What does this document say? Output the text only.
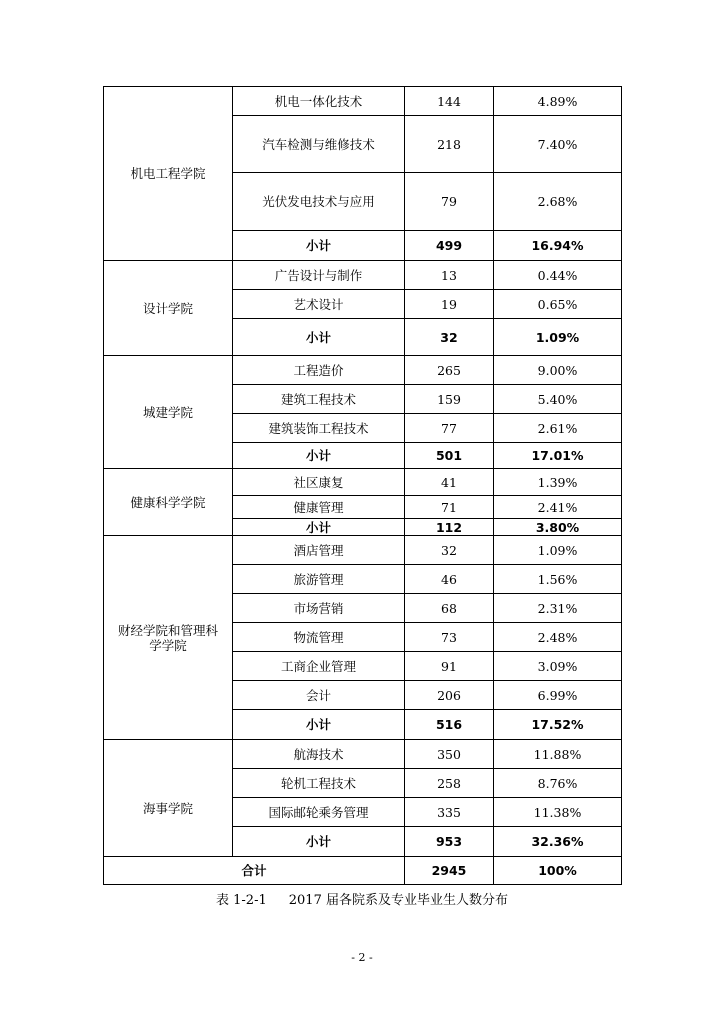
机电工程学院	机电一体化技术	144	4.89%
	汽车检测与维修技术	218	7.40%
	光伏发电技术与应用	79	2.68%
	小计	499	16.94%
设计学院	广告设计与制作	13	0.44%
	艺术设计	19	0.65%
	小计	32	1.09%
城建学院	工程造价	265	9.00%
	建筑工程技术	159	5.40%
	建筑装饰工程技术	77	2.61%
	小计	501	17.01%
健康科学学院	社区康复	41	1.39%
	健康管理	71	2.41%
	小计	112	3.80%
财经学院和管理科
学学院	酒店管理	32	1.09%
	旅游管理	46	1.56%
	市场营销	68	2.31%
	物流管理	73	2.48%
	工商企业管理	91	3.09%
	会计	206	6.99%
	小计	516	17.52%
海事学院	航海技术	350	11.88%
	轮机工程技术	258	8.76%
	国际邮轮乘务管理	335	11.38%
	小计	953	32.36%
合计		2945	100%
表 1-2-1 2017 届各院系及专业毕业生人数分布
- 2 -
